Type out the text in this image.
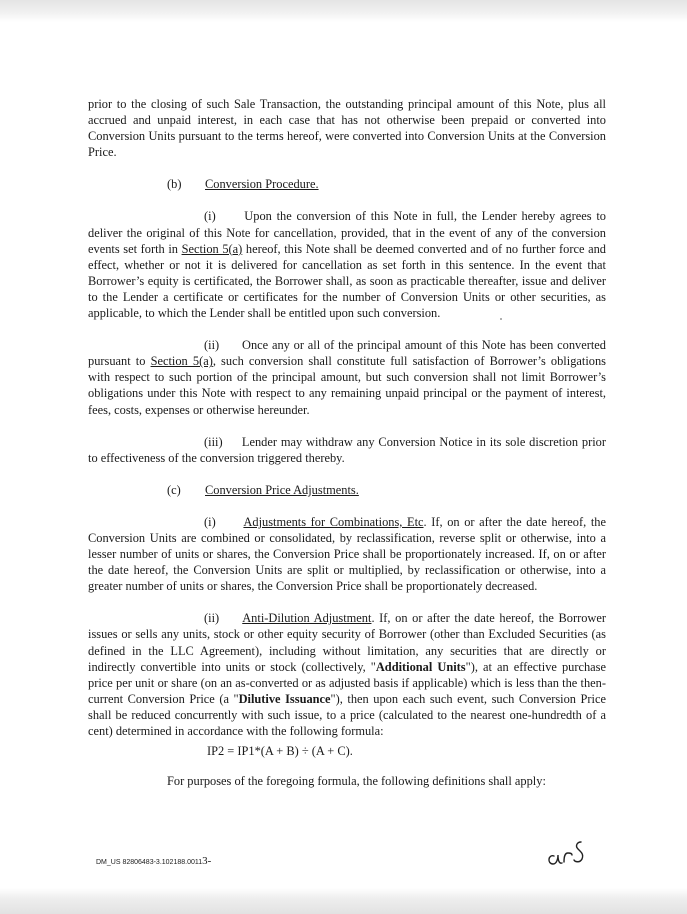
prior to the closing of such Sale Transaction, the outstanding principal amount of this Note, plus all accrued and unpaid interest, in each case that has not otherwise been prepaid or converted into Conversion Units pursuant to the terms hereof, were converted into Conversion Units at the Conversion Price.

(b) Conversion Procedure.

(i) Upon the conversion of this Note in full, the Lender hereby agrees to deliver the original of this Note for cancellation, provided, that in the event of any of the conversion events set forth in Section 5(a) hereof, this Note shall be deemed converted and of no further force and effect, whether or not it is delivered for cancellation as set forth in this sentence. In the event that Borrower’s equity is certificated, the Borrower shall, as soon as practicable thereafter, issue and deliver to the Lender a certificate or certificates for the number of Conversion Units or other securities, as applicable, to which the Lender shall be entitled upon such conversion.

(ii) Once any or all of the principal amount of this Note has been converted pursuant to Section 5(a), such conversion shall constitute full satisfaction of Borrower’s obligations with respect to such portion of the principal amount, but such conversion shall not limit Borrower’s obligations under this Note with respect to any remaining unpaid principal or the payment of interest, fees, costs, expenses or otherwise hereunder.

(iii) Lender may withdraw any Conversion Notice in its sole discretion prior to effectiveness of the conversion triggered thereby.

(c) Conversion Price Adjustments.

(i) Adjustments for Combinations, Etc. If, on or after the date hereof, the Conversion Units are combined or consolidated, by reclassification, reverse split or otherwise, into a lesser number of units or shares, the Conversion Price shall be proportionately increased. If, on or after the date hereof, the Conversion Units are split or multiplied, by reclassification or otherwise, into a greater number of units or shares, the Conversion Price shall be proportionately decreased.

(ii) Anti-Dilution Adjustment. If, on or after the date hereof, the Borrower issues or sells any units, stock or other equity security of Borrower (other than Excluded Securities (as defined in the LLC Agreement), including without limitation, any securities that are directly or indirectly convertible into units or stock (collectively, "Additional Units"), at an effective purchase price per unit or share (on an as-converted or as adjusted basis if applicable) which is less than the then-current Conversion Price (a "Dilutive Issuance"), then upon each such event, such Conversion Price shall be reduced concurrently with such issue, to a price (calculated to the nearest one-hundredth of a cent) determined in accordance with the following formula:

IP2 = IP1*(A + B) ÷ (A + C).

For purposes of the foregoing formula, the following definitions shall apply:

DM_US 82806483-3.102188.00113-
